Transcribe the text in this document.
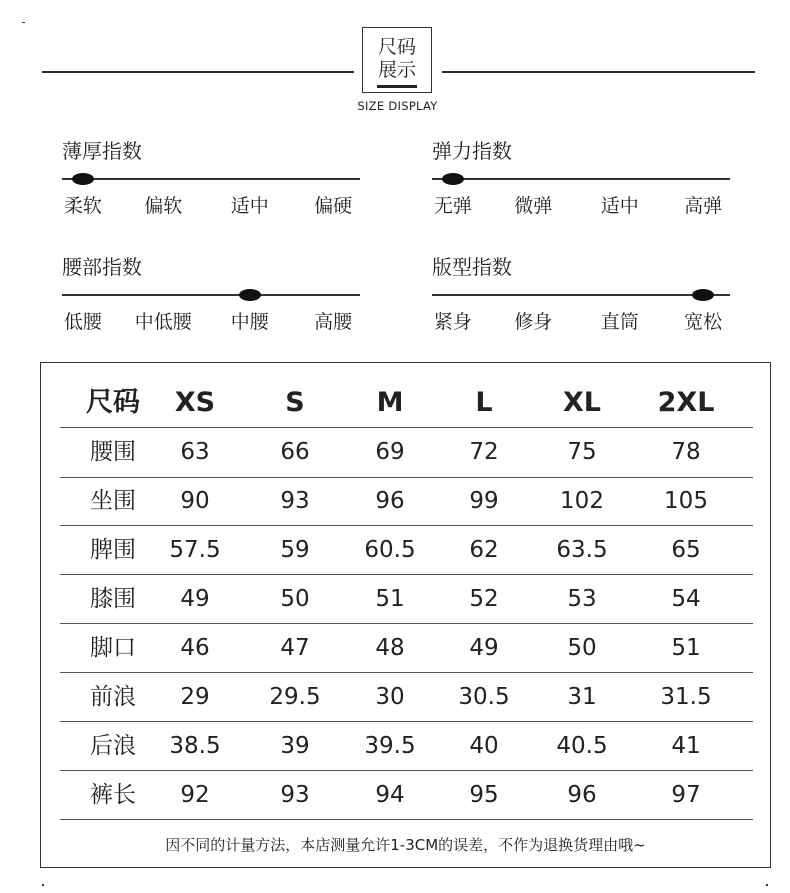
尺码
展示
SIZE DISPLAY
薄厚指数
柔软 偏软	适中 偏硬
弹力指数
无弹 微弹	适中 高弹
腰部指数
低腰 中低腰 中腰 高腰
版型指数
紧身 修身	直筒 宽松
尺码 XS	S	M	L	XL 2XL
腰围 63	66	69	72	75	78
坐围 90	93	96	99	102	105
脾围 57.5	59 60.5 62	63.5	65
膝围 49	50	51	52	53	54
脚口 46	47	48	49	50	51
前浪 29	29.5 30 30.5	31	31.5
后浪 38.5	39 39.5 40	40.5	41
裤长 92	93	94	95	96	97
因不同的计量方法，本店测量允许1-3CM的误差，不作为退换货理由哦~
